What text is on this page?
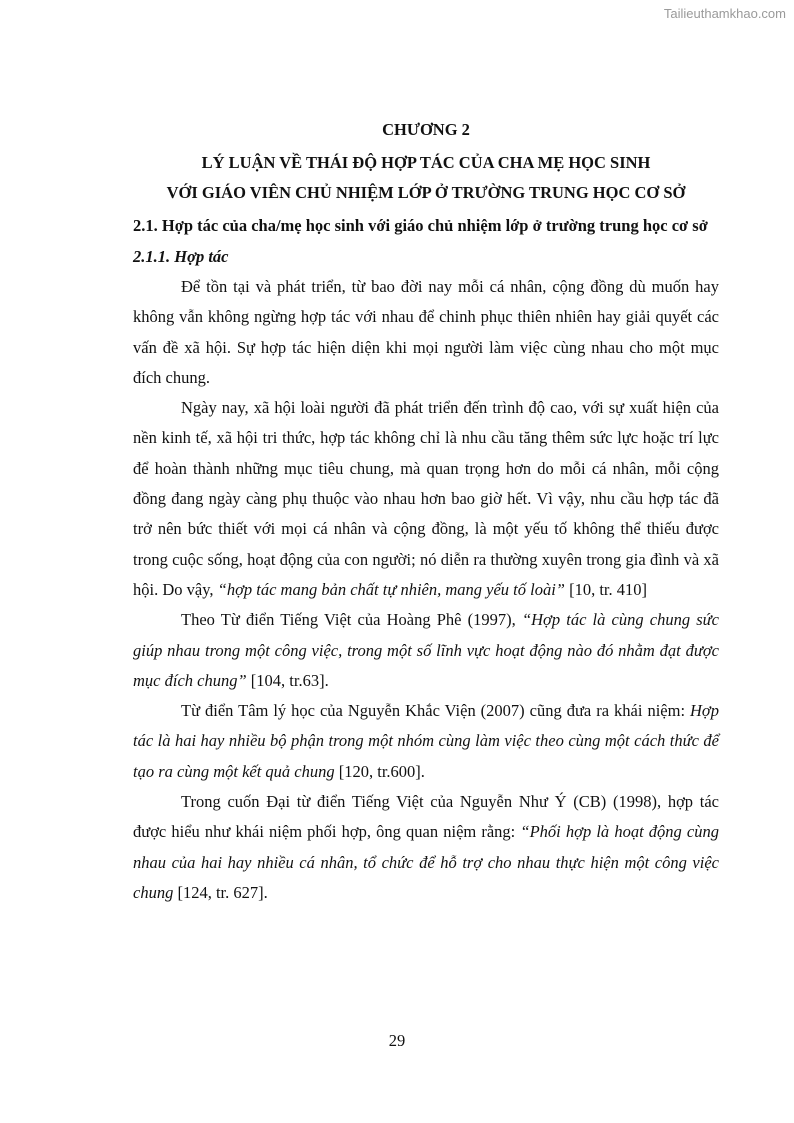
Tailieuthamkhao.com
CHƯƠNG 2
LÝ LUẬN VỀ THÁI ĐỘ HỢP TÁC CỦA CHA MẸ HỌC SINH
VỚI GIÁO VIÊN CHỦ NHIỆM LỚP Ở TRƯỜNG TRUNG HỌC CƠ SỞ
2.1. Hợp tác của cha/mẹ học sinh với giáo chủ nhiệm lớp ở trường trung học cơ sở
2.1.1. Hợp tác

Để tồn tại và phát triển, từ bao đời nay mỗi cá nhân, cộng đồng dù muốn hay không vẫn không ngừng hợp tác với nhau để chinh phục thiên nhiên hay giải quyết các vấn đề xã hội. Sự hợp tác hiện diện khi mọi người làm việc cùng nhau cho một mục đích chung.

Ngày nay, xã hội loài người đã phát triển đến trình độ cao, với sự xuất hiện của nền kinh tế, xã hội tri thức, hợp tác không chỉ là nhu cầu tăng thêm sức lực hoặc trí lực để hoàn thành những mục tiêu chung, mà quan trọng hơn do mỗi cá nhân, mỗi cộng đồng đang ngày càng phụ thuộc vào nhau hơn bao giờ hết. Vì vậy, nhu cầu hợp tác đã trở nên bức thiết với mọi cá nhân và cộng đồng, là một yếu tố không thể thiếu được trong cuộc sống, hoạt động của con người; nó diễn ra thường xuyên trong gia đình và xã hội. Do vậy, “hợp tác mang bản chất tự nhiên, mang yếu tố loài” [10, tr. 410]

Theo Từ điển Tiếng Việt của Hoàng Phê (1997), “Hợp tác là cùng chung sức giúp nhau trong một công việc, trong một số lĩnh vực hoạt động nào đó nhằm đạt được mục đích chung” [104, tr.63].

Từ điển Tâm lý học của Nguyễn Khắc Viện (2007) cũng đưa ra khái niệm: Hợp tác là hai hay nhiều bộ phận trong một nhóm cùng làm việc theo cùng một cách thức để tạo ra cùng một kết quả chung [120, tr.600].

Trong cuốn Đại từ điển Tiếng Việt của Nguyễn Như Ý (CB) (1998), hợp tác được hiểu như khái niệm phối hợp, ông quan niệm rằng: “Phối hợp là hoạt động cùng nhau của hai hay nhiều cá nhân, tổ chức để hỗ trợ cho nhau thực hiện một công việc chung [124, tr. 627].

29
